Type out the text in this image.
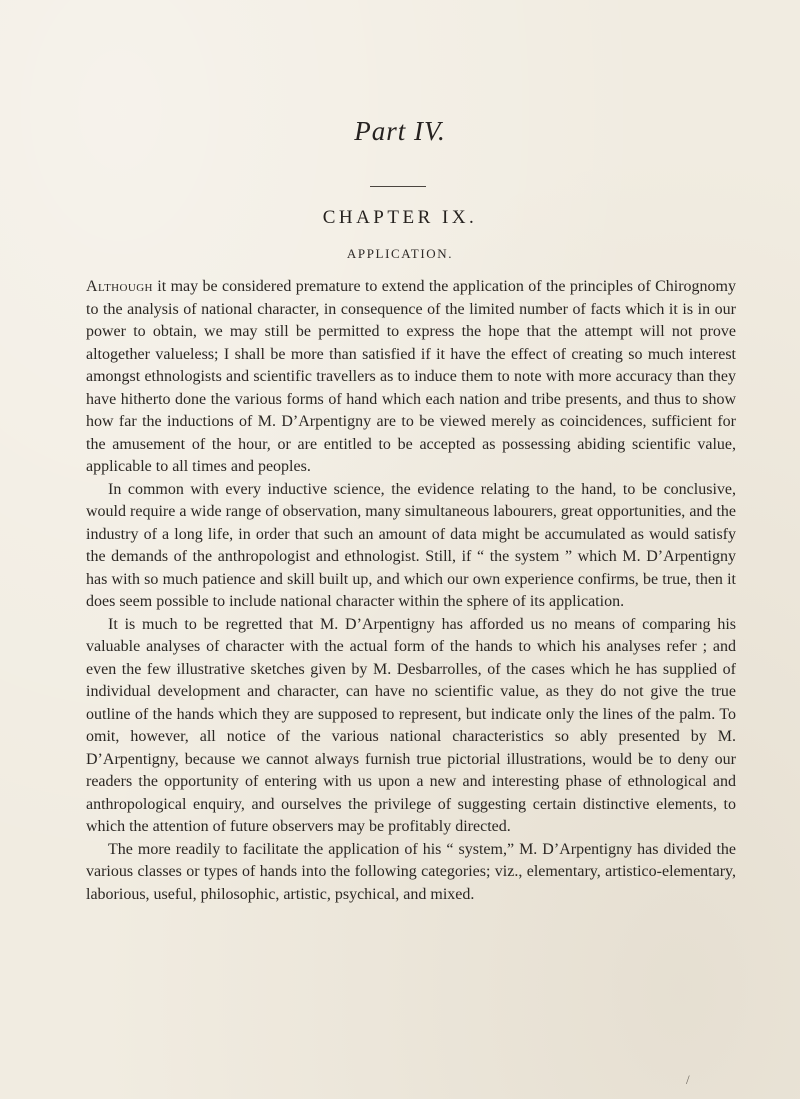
Part IV.
CHAPTER IX.
APPLICATION.

Although it may be considered premature to extend the application of the principles of Chirognomy to the analysis of national character, in consequence of the limited number of facts which it is in our power to obtain, we may still be permitted to express the hope that the attempt will not prove altogether valueless; I shall be more than satisfied if it have the effect of creating so much interest amongst ethnologists and scientific travellers as to induce them to note with more accuracy than they have hitherto done the various forms of hand which each nation and tribe presents, and thus to show how far the inductions of M. D’Arpentigny are to be viewed merely as coincidences, sufficient for the amusement of the hour, or are entitled to be accepted as possessing abiding scientific value, applicable to all times and peoples.

In common with every inductive science, the evidence relating to the hand, to be conclusive, would require a wide range of observation, many simultaneous labourers, great opportunities, and the industry of a long life, in order that such an amount of data might be accumulated as would satisfy the demands of the anthropologist and ethnologist. Still, if “ the system ” which M. D’Arpentigny has with so much patience and skill built up, and which our own experience confirms, be true, then it does seem possible to include national character within the sphere of its application.

It is much to be regretted that M. D’Arpentigny has afforded us no means of comparing his valuable analyses of character with the actual form of the hands to which his analyses refer ; and even the few illustrative sketches given by M. Desbarrolles, of the cases which he has supplied of individual development and character, can have no scientific value, as they do not give the true outline of the hands which they are supposed to represent, but indicate only the lines of the palm. To omit, however, all notice of the various national characteristics so ably presented by M. D’Arpentigny, because we cannot always furnish true pictorial illustrations, would be to deny our readers the opportunity of entering with us upon a new and interesting phase of ethnological and anthropological enquiry, and ourselves the privilege of suggesting certain distinctive elements, to which the attention of future observers may be profitably directed.

The more readily to facilitate the application of his “ system,” M. D’Arpentigny has divided the various classes or types of hands into the following categories; viz., elementary, artistico-elementary, laborious, useful, philosophic, artistic, psychical, and mixed.

/
